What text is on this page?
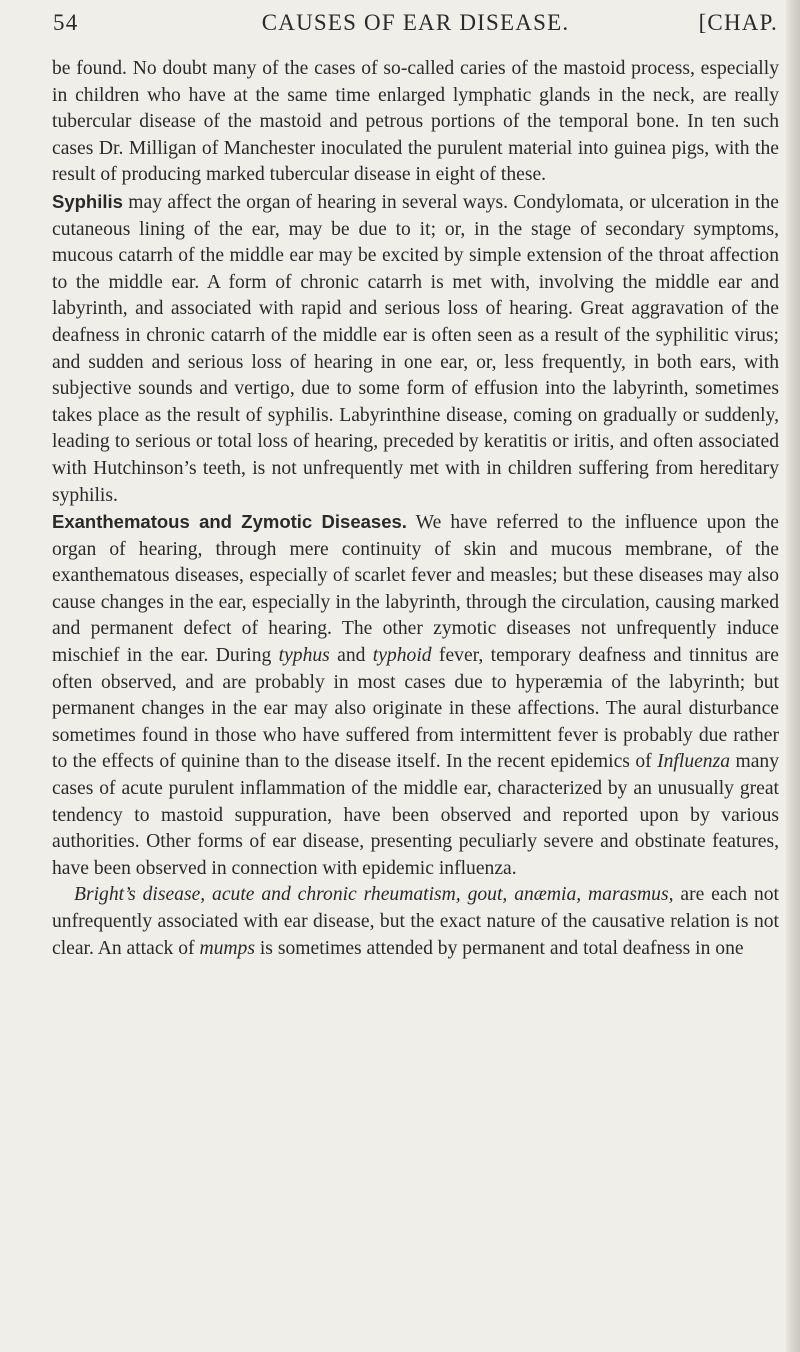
54	CAUSES OF EAR DISEASE.	[CHAP.

be found. No doubt many of the cases of so-called caries of the mastoid process, especially in children who have at the same time enlarged lymphatic glands in the neck, are really tubercular disease of the mastoid and petrous portions of the temporal bone. In ten such cases Dr. Milligan of Manchester inoculated the purulent material into guinea pigs, with the result of producing marked tubercular disease in eight of these.

Syphilis may affect the organ of hearing in several ways. Condylomata, or ulceration in the cutaneous lining of the ear, may be due to it; or, in the stage of secondary symptoms, mucous catarrh of the middle ear may be excited by simple extension of the throat affection to the middle ear. A form of chronic catarrh is met with, involving the middle ear and labyrinth, and associated with rapid and serious loss of hearing. Great aggravation of the deafness in chronic catarrh of the middle ear is often seen as a result of the syphilitic virus; and sudden and serious loss of hearing in one ear, or, less frequently, in both ears, with subjective sounds and vertigo, due to some form of effusion into the labyrinth, sometimes takes place as the result of syphilis. Labyrinthine disease, coming on gradually or suddenly, leading to serious or total loss of hearing, preceded by keratitis or iritis, and often associated with Hutchinson’s teeth, is not unfrequently met with in children suffering from hereditary syphilis.

Exanthematous and Zymotic Diseases. We have referred to the influence upon the organ of hearing, through mere continuity of skin and mucous membrane, of the exanthematous diseases, especially of scarlet fever and measles; but these diseases may also cause changes in the ear, especially in the labyrinth, through the circulation, causing marked and permanent defect of hearing. The other zymotic diseases not unfrequently induce mischief in the ear. During typhus and typhoid fever, temporary deafness and tinnitus are often observed, and are probably in most cases due to hyperæmia of the labyrinth; but permanent changes in the ear may also originate in these affections. The aural disturbance sometimes found in those who have suffered from intermittent fever is probably due rather to the effects of quinine than to the disease itself. In the recent epidemics of Influenza many cases of acute purulent inflammation of the middle ear, characterized by an unusually great tendency to mastoid suppuration, have been observed and reported upon by various authorities. Other forms of ear disease, presenting peculiarly severe and obstinate features, have been observed in connection with epidemic influenza.

Bright’s disease, acute and chronic rheumatism, gout, anæmia, marasmus, are each not unfrequently associated with ear disease, but the exact nature of the causative relation is not clear. An attack of mumps is sometimes attended by permanent and total deafness in one
